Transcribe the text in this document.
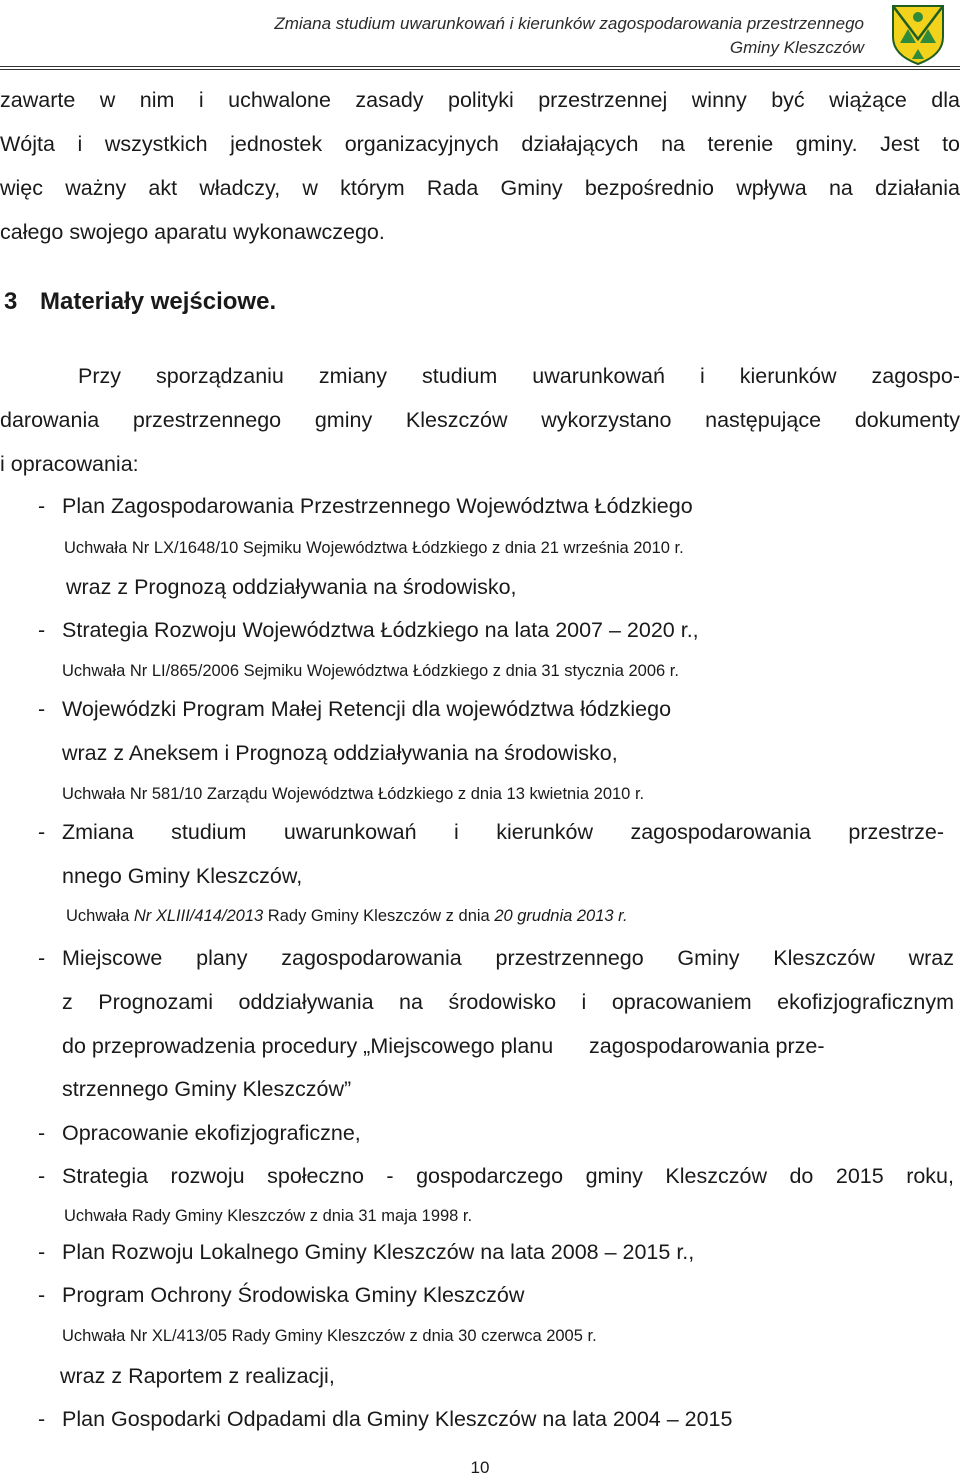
Zmiana studium uwarunkowań i kierunków zagospodarowania przestrzennego
Gminy Kleszczów

zawarte w nim i uchwalone zasady polityki przestrzennej winny być wiążące dla

Wójta i wszystkich jednostek organizacyjnych działających na terenie gminy. Jest to

więc ważny akt władczy, w którym Rada Gminy bezpośrednio wpływa na działania

całego swojego aparatu wykonawczego.

3 Materiały wejściowe.

Przy sporządzaniu zmiany studium uwarunkowań i kierunków zagospo-

darowania przestrzennego gminy Kleszczów wykorzystano następujące dokumenty

i opracowania:

- Plan Zagospodarowania Przestrzennego Województwa Łódzkiego

Uchwała Nr LX/1648/10 Sejmiku Województwa Łódzkiego z dnia 21 września 2010 r.

wraz z Prognozą oddziaływania na środowisko,

- Strategia Rozwoju Województwa Łódzkiego na lata 2007 – 2020 r.,

Uchwała Nr LI/865/2006 Sejmiku Województwa Łódzkiego z dnia 31 stycznia 2006 r.

- Wojewódzki Program Małej Retencji dla województwa łódzkiego

wraz z Aneksem i Prognozą oddziaływania na środowisko,

Uchwała Nr 581/10 Zarządu Województwa Łódzkiego z dnia 13 kwietnia 2010 r.

- Zmiana studium uwarunkowań i kierunków zagospodarowania przestrze-

nnego Gminy Kleszczów,

Uchwała Nr XLIII/414/2013 Rady Gminy Kleszczów z dnia 20 grudnia 2013 r.

- Miejscowe plany zagospodarowania przestrzennego Gminy Kleszczów wraz

z Prognozami oddziaływania na środowisko i opracowaniem ekofizjograficznym

do przeprowadzenia procedury „Miejscowego planu      zagospodarowania prze-

strzennego Gminy Kleszczów”

- Opracowanie ekofizjograficzne,

- Strategia rozwoju społeczno - gospodarczego gminy Kleszczów do 2015 roku,

Uchwała Rady Gminy Kleszczów z dnia 31 maja 1998 r.

- Plan Rozwoju Lokalnego Gminy Kleszczów na lata 2008 – 2015 r.,

- Program Ochrony Środowiska Gminy Kleszczów

Uchwała Nr XL/413/05 Rady Gminy Kleszczów z dnia 30 czerwca 2005 r.

wraz z Raportem z realizacji,

- Plan Gospodarki Odpadami dla Gminy Kleszczów na lata 2004 – 2015

10
